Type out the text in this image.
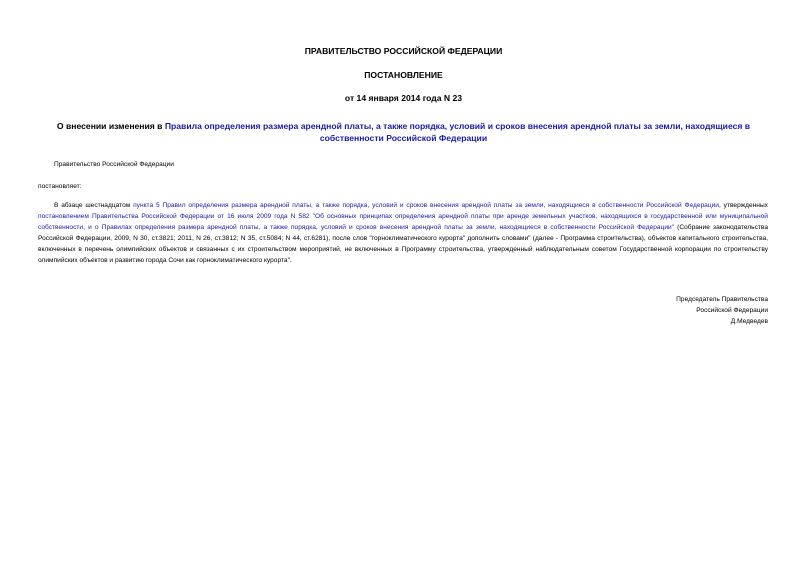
ПРАВИТЕЛЬСТВО РОССИЙСКОЙ ФЕДЕРАЦИИ
ПОСТАНОВЛЕНИЕ
от 14 января 2014 года N 23
О внесении изменения в Правила определения размера арендной платы, а также порядка, условий и сроков внесения арендной платы за земли, находящиеся в собственности Российской Федерации
Правительство Российской Федерации
постановляет:
В абзаце шестнадцатом пункта 5 Правил определения размера арендной платы, а также порядка, условий и сроков внесения арендной платы за земли, находящиеся в собственности Российской Федерации, утвержденных постановлением Правительства Российской Федерации от 16 июля 2009 года N 582 "Об основных принципах определения арендной платы при аренде земельных участков, находящихся в государственной или муниципальной собственности, и о Правилах определения размера арендной платы, а также порядка, условий и сроков внесения арендной платы за земли, находящиеся в собственности Российской Федерации" (Собрание законодательства Российской Федерации, 2009, N 30, ст.3821; 2011, N 26, ст.3812; N 35, ст.5084; N 44, ст.6281), после слов "горноклиматического курорта" дополнить словами" (далее - Программа строительства), объектов капитального строительства, включенных в перечень олимпийских объектов и связанных с их строительством мероприятий, не включенных в Программу строительства, утвержденный наблюдательным советом Государственной корпорации по строительству олимпийских объектов и развитию города Сочи как горноклиматического курорта".
Председатель Правительства
Российской Федерации
Д.Медведев
